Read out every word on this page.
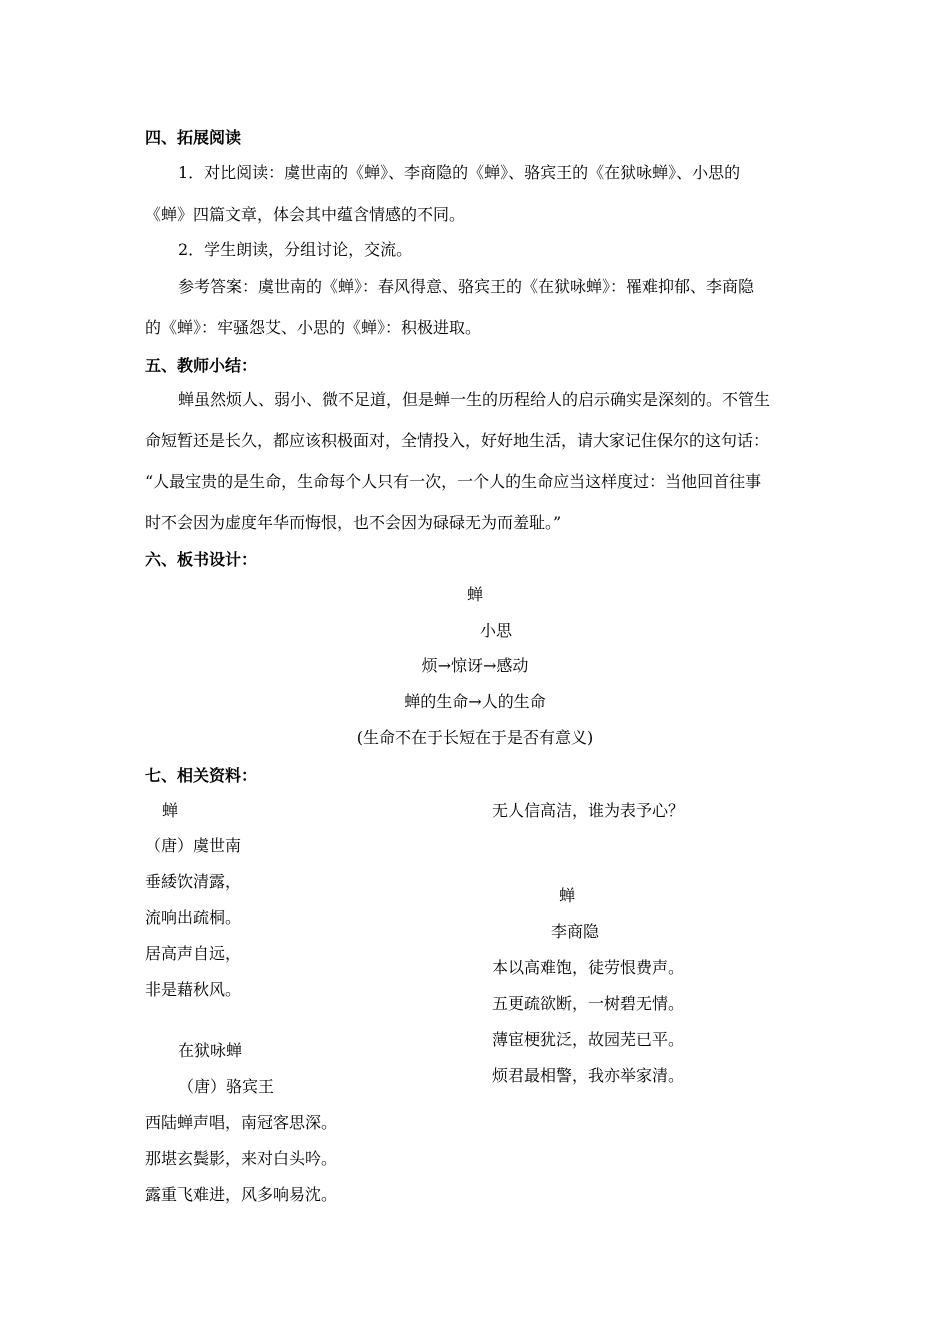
四、拓展阅读
1．对比阅读：虞世南的《蝉》、李商隐的《蝉》、骆宾王的《在狱咏蝉》、小思的
《蝉》四篇文章，体会其中蕴含情感的不同。
2．学生朗读，分组讨论，交流。
参考答案：虞世南的《蝉》：春风得意、骆宾王的《在狱咏蝉》：罹难抑郁、李商隐
的《蝉》：牢骚怨艾、小思的《蝉》：积极进取。
五、教师小结：
蝉虽然烦人、弱小、微不足道，但是蝉一生的历程给人的启示确实是深刻的。不管生
命短暂还是长久，都应该积极面对，全情投入，好好地生活，请大家记住保尔的这句话：
“人最宝贵的是生命，生命每个人只有一次，一个人的生命应当这样度过：当他回首往事
时不会因为虚度年华而悔恨，也不会因为碌碌无为而羞耻。”
六、板书设计：
蝉
小思
烦→惊讶→感动
蝉的生命→人的生命
(生命不在于长短在于是否有意义)
七、相关资料：
蝉
（唐）虞世南
垂緌饮清露，
流响出疏桐。
居高声自远，
非是藉秋风。
在狱咏蝉
（唐）骆宾王
西陆蝉声唱，南冠客思深。
那堪玄鬓影，来对白头吟。
露重飞难进，风多响易沈。
无人信高洁，谁为表予心？
蝉
李商隐
本以高难饱，徒劳恨费声。
五更疏欲断，一树碧无情。
薄宦梗犹泛，故园芜已平。
烦君最相警，我亦举家清。
